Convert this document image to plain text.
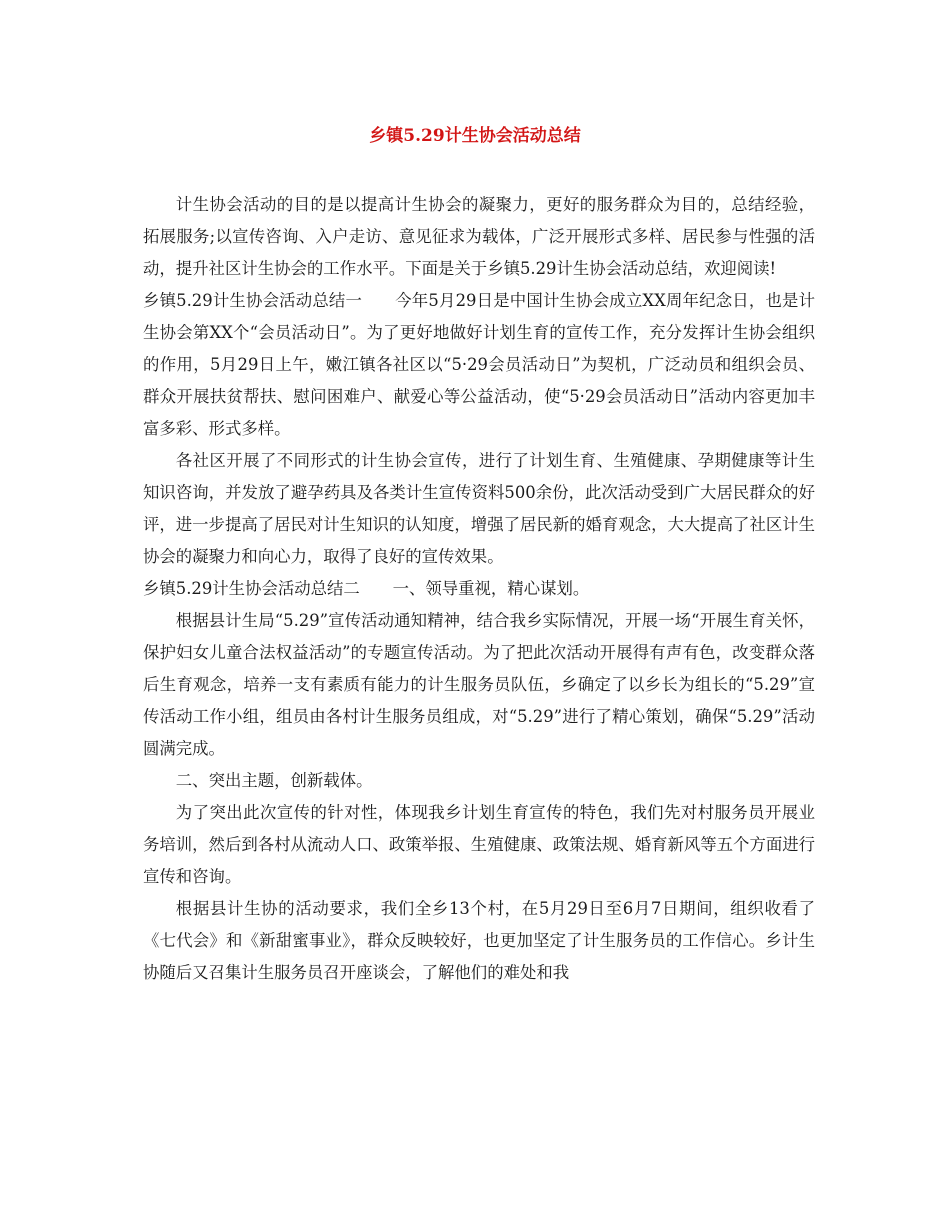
乡镇5.29计生协会活动总结

计生协会活动的目的是以提高计生协会的凝聚力，更好的服务群众为目的，总结经验，拓展服务;以宣传咨询、入户走访、意见征求为载体，广泛开展形式多样、居民参与性强的活动，提升社区计生协会的工作水平。下面是关于乡镇5.29计生协会活动总结，欢迎阅读!

乡镇5.29计生协会活动总结一　　今年5月29日是中国计生协会成立XX周年纪念日，也是计生协会第XX个“会员活动日”。为了更好地做好计划生育的宣传工作，充分发挥计生协会组织的作用，5月29日上午，嫩江镇各社区以“5·29会员活动日”为契机，广泛动员和组织会员、群众开展扶贫帮扶、慰问困难户、献爱心等公益活动，使“5·29会员活动日”活动内容更加丰富多彩、形式多样。

各社区开展了不同形式的计生协会宣传，进行了计划生育、生殖健康、孕期健康等计生知识咨询，并发放了避孕药具及各类计生宣传资料500余份，此次活动受到广大居民群众的好评，进一步提高了居民对计生知识的认知度，增强了居民新的婚育观念，大大提高了社区计生协会的凝聚力和向心力，取得了良好的宣传效果。

乡镇5.29计生协会活动总结二　　一、领导重视，精心谋划。

根据县计生局“5.29”宣传活动通知精神，结合我乡实际情况，开展一场“开展生育关怀，保护妇女儿童合法权益活动”的专题宣传活动。为了把此次活动开展得有声有色，改变群众落后生育观念，培养一支有素质有能力的计生服务员队伍，乡确定了以乡长为组长的“5.29”宣传活动工作小组，组员由各村计生服务员组成，对“5.29”进行了精心策划，确保“5.29”活动圆满完成。

二、突出主题，创新载体。

为了突出此次宣传的针对性，体现我乡计划生育宣传的特色，我们先对村服务员开展业务培训，然后到各村从流动人口、政策举报、生殖健康、政策法规、婚育新风等五个方面进行宣传和咨询。

根据县计生协的活动要求，我们全乡13个村，在5月29日至6月7日期间，组织收看了《七代会》和《新甜蜜事业》，群众反映较好，也更加坚定了计生服务员的工作信心。乡计生协随后又召集计生服务员召开座谈会，了解他们的难处和我
